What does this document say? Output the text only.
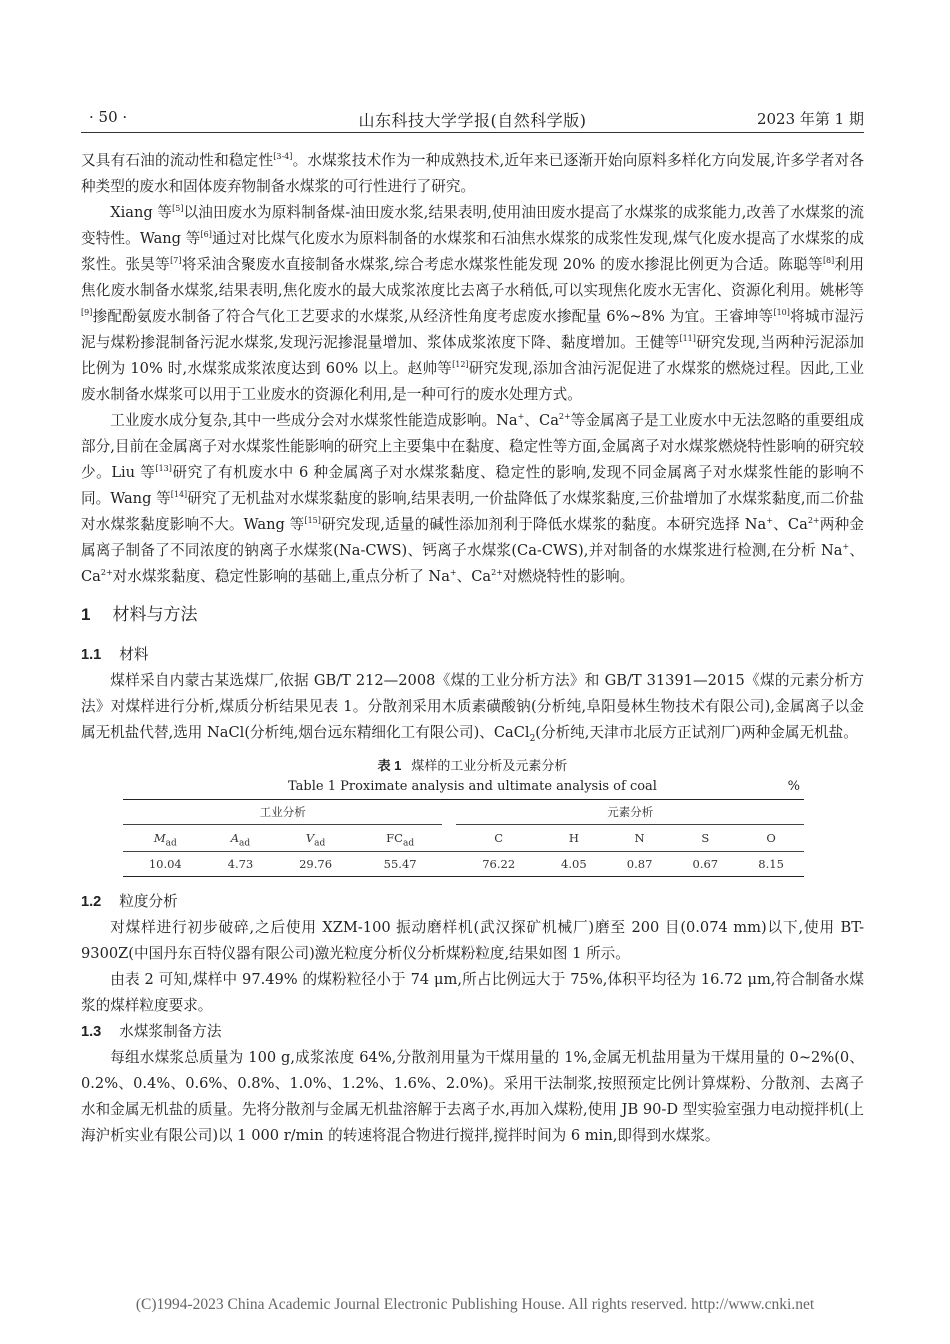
· 50 ·	山东科技大学学报(自然科学版)	2023 年第 1 期

又具有石油的流动性和稳定性[3-4]。水煤浆技术作为一种成熟技术,近年来已逐渐开始向原料多样化方向发展,许多学者对各种类型的废水和固体废弃物制备水煤浆的可行性进行了研究。

Xiang 等[5]以油田废水为原料制备煤-油田废水浆,结果表明,使用油田废水提高了水煤浆的成浆能力,改善了水煤浆的流变特性。Wang 等[6]通过对比煤气化废水为原料制备的水煤浆和石油焦水煤浆的成浆性发现,煤气化废水提高了水煤浆的成浆性。张昊等[7]将采油含聚废水直接制备水煤浆,综合考虑水煤浆性能发现 20% 的废水掺混比例更为合适。陈聪等[8]利用焦化废水制备水煤浆,结果表明,焦化废水的最大成浆浓度比去离子水稍低,可以实现焦化废水无害化、资源化利用。姚彬等[9]掺配酚氨废水制备了符合气化工艺要求的水煤浆,从经济性角度考虑废水掺配量 6%~8% 为宜。王睿坤等[10]将城市湿污泥与煤粉掺混制备污泥水煤浆,发现污泥掺混量增加、浆体成浆浓度下降、黏度增加。王健等[11]研究发现,当两种污泥添加比例为 10% 时,水煤浆成浆浓度达到 60% 以上。赵帅等[12]研究发现,添加含油污泥促进了水煤浆的燃烧过程。因此,工业废水制备水煤浆可以用于工业废水的资源化利用,是一种可行的废水处理方式。

工业废水成分复杂,其中一些成分会对水煤浆性能造成影响。Na+、$Ca^{2+}$等金属离子是工业废水中无法忽略的重要组成部分,目前在金属离子对水煤浆性能影响的研究上主要集中在黏度、稳定性等方面,金属离子对水煤浆燃烧特性影响的研究较少。Liu 等[13]研究了有机废水中 6 种金属离子对水煤浆黏度、稳定性的影响,发现不同金属离子对水煤浆性能的影响不同。Wang 等[14]研究了无机盐对水煤浆黏度的影响,结果表明,一价盐降低了水煤浆黏度,三价盐增加了水煤浆黏度,而二价盐对水煤浆黏度影响不大。Wang 等[15]研究发现,适量的碱性添加剂利于降低水煤浆的黏度。本研究选择 Na+、$Ca^{2+}$两种金属离子制备了不同浓度的钠离子水煤浆(Na-CWS)、钙离子水煤浆(Ca-CWS),并对制备的水煤浆进行检测,在分析 Na+、$Ca^{2+}$对水煤浆黏度、稳定性影响的基础上,重点分析了 Na+、$Ca^{2+}$对燃烧特性的影响。

1 材料与方法
1.1 材料

煤样采自内蒙古某选煤厂,依据 GB/T 212—2008《煤的工业分析方法》和 GB/T 31391—2015《煤的元素分析方法》对煤样进行分析,煤质分析结果见表 1。分散剂采用木质素磺酸钠(分析纯,阜阳曼林生物技术有限公司),金属离子以金属无机盐代替,选用 NaCl(分析纯,烟台远东精细化工有限公司)、CaCl$_2$(分析纯,天津市北辰方正试剂厂)两种金属无机盐。

表 1 煤样的工业分析及元素分析
Table 1 Proximate analysis and ultimate analysis of coal	%
工业分析					元素分析				
$M_{ad}$	$A_{ad}$	$V_{ad}$	$FC_{ad}$		C	H	N	S	O
10.04	4.73	29.76	55.47		76.22	4.05	0.87	0.67	8.15
1.2 粒度分析

对煤样进行初步破碎,之后使用 XZM-100 振动磨样机(武汉探矿机械厂)磨至 200 目(0.074 mm)以下,使用 BT-9300Z(中国丹东百特仪器有限公司)激光粒度分析仪分析煤粉粒度,结果如图 1 所示。

由表 2 可知,煤样中 97.49% 的煤粉粒径小于 74 μm,所占比例远大于 75%,体积平均径为 16.72 μm,符合制备水煤浆的煤样粒度要求。

1.3 水煤浆制备方法

每组水煤浆总质量为 100 g,成浆浓度 64%,分散剂用量为干煤用量的 1%,金属无机盐用量为干煤用量的 0~2%(0、0.2%、0.4%、0.6%、0.8%、1.0%、1.2%、1.6%、2.0%)。采用干法制浆,按照预定比例计算煤粉、分散剂、去离子水和金属无机盐的质量。先将分散剂与金属无机盐溶解于去离子水,再加入煤粉,使用 JB 90-D 型实验室强力电动搅拌机(上海沪析实业有限公司)以 1 000 r/min 的转速将混合物进行搅拌,搅拌时间为 6 min,即得到水煤浆。

(C)1994-2023 China Academic Journal Electronic Publishing House. All rights reserved. http://www.cnki.net
